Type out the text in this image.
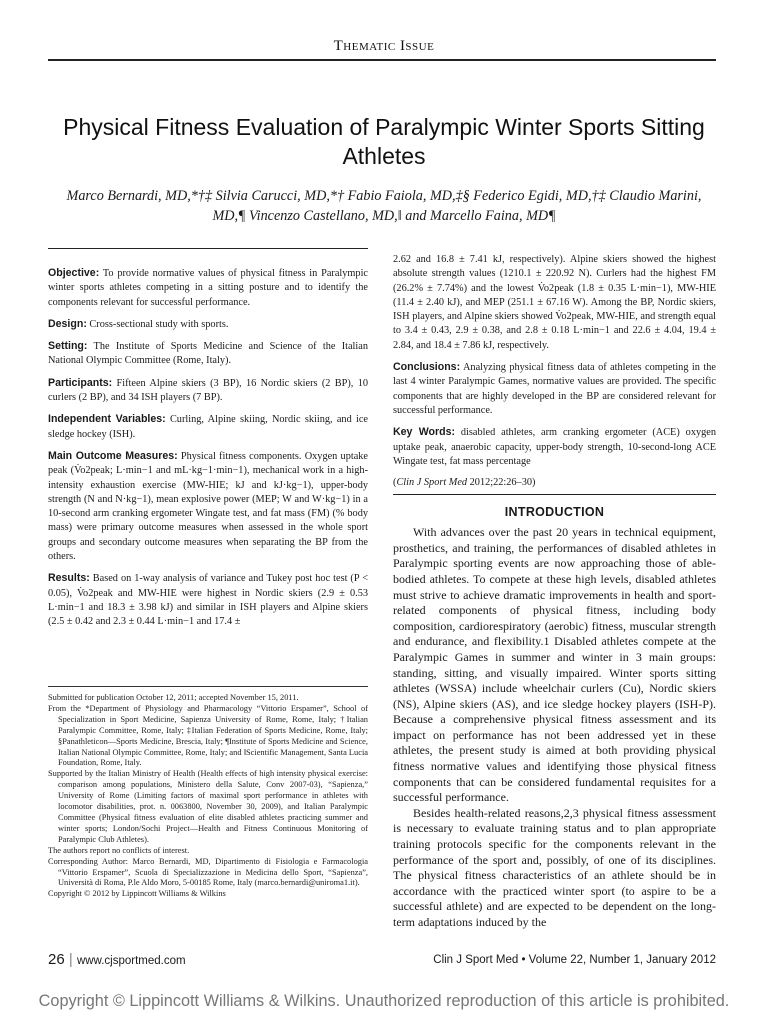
Thematic Issue
Physical Fitness Evaluation of Paralympic Winter Sports Sitting Athletes
Marco Bernardi, MD,*†‡ Silvia Carucci, MD,*† Fabio Faiola, MD,‡§ Federico Egidi, MD,†‡ Claudio Marini, MD,¶ Vincenzo Castellano, MD,‖ and Marcello Faina, MD¶

Objective: To provide normative values of physical fitness in Paralympic winter sports athletes competing in a sitting posture and to identify the components relevant for successful performance.

Design: Cross-sectional study with sports.

Setting: The Institute of Sports Medicine and Science of the Italian National Olympic Committee (Rome, Italy).

Participants: Fifteen Alpine skiers (3 BP), 16 Nordic skiers (2 BP), 10 curlers (2 BP), and 34 ISH players (7 BP).

Independent Variables: Curling, Alpine skiing, Nordic skiing, and ice sledge hockey (ISH).

Main Outcome Measures: Physical fitness components. Oxygen uptake peak (V̇o2peak; L·min−1 and mL·kg−1·min−1), mechanical work in a high-intensity exhaustion exercise (MW-HIE; kJ and kJ·kg−1), upper-body strength (N and N·kg−1), mean explosive power (MEP; W and W·kg−1) in a 10-second arm cranking ergometer Wingate test, and fat mass (FM) (% body mass) were primary outcome measures when assessed in the whole sport groups and secondary outcome measures when separating the BP from the others.

Results: Based on 1-way analysis of variance and Tukey post hoc test (P < 0.05), V̇o2peak and MW-HIE were highest in Nordic skiers (2.9 ± 0.53 L·min−1 and 18.3 ± 3.98 kJ) and similar in ISH players and Alpine skiers (2.5 ± 0.42 and 2.3 ± 0.44 L·min−1 and 17.4 ±

Submitted for publication October 12, 2011; accepted November 15, 2011.

From the *Department of Physiology and Pharmacology “Vittorio Erspamer”, School of Specialization in Sport Medicine, Sapienza University of Rome, Rome, Italy; †Italian Paralympic Committee, Rome, Italy; ‡Italian Federation of Sports Medicine, Rome, Italy; §Panathleticon—Sports Medicine, Brescia, Italy; ¶Institute of Sports Medicine and Science, Italian National Olympic Committee, Rome, Italy; and ‖Scientific Management, Santa Lucia Foundation, Rome, Italy.

Supported by the Italian Ministry of Health (Health effects of high intensity physical exercise: comparison among populations, Ministero della Salute, Conv 2007-03), “Sapienza,” University of Rome (Limiting factors of maximal sport performance in athletes with locomotor disabilities, prot. n. 0063800, November 30, 2009), and Italian Paralympic Committee (Physical fitness evaluation of elite disabled athletes practicing summer and winter sports; London/Sochi Project—Health and Fitness Continuous Monitoring of Paralympic Club Athletes).

The authors report no conflicts of interest.

Corresponding Author: Marco Bernardi, MD, Dipartimento di Fisiologia e Farmacologia “Vittorio Erspamer”, Scuola di Specializzazione in Medicina dello Sport, “Sapienza”, Università di Roma, P.le Aldo Moro, 5-00185 Rome, Italy (marco.bernardi@uniroma1.it).

Copyright © 2012 by Lippincott Williams & Wilkins

2.62 and 16.8 ± 7.41 kJ, respectively). Alpine skiers showed the highest absolute strength values (1210.1 ± 220.92 N). Curlers had the highest FM (26.2% ± 7.74%) and the lowest V̇o2peak (1.8 ± 0.35 L·min−1), MW-HIE (11.4 ± 2.40 kJ), and MEP (251.1 ± 67.16 W). Among the BP, Nordic skiers, ISH players, and Alpine skiers showed V̇o2peak, MW-HIE, and strength equal to 3.4 ± 0.43, 2.9 ± 0.38, and 2.8 ± 0.18 L·min−1 and 22.6 ± 4.04, 19.4 ± 2.84, and 18.4 ± 7.86 kJ, respectively.

Conclusions: Analyzing physical fitness data of athletes competing in the last 4 winter Paralympic Games, normative values are provided. The specific components that are highly developed in the BP are considered relevant for successful performance.

Key Words: disabled athletes, arm cranking ergometer (ACE) oxygen uptake peak, anaerobic capacity, upper-body strength, 10-second-long ACE Wingate test, fat mass percentage

(Clin J Sport Med 2012;22:26–30)

INTRODUCTION

With advances over the past 20 years in technical equipment, prosthetics, and training, the performances of disabled athletes in Paralympic sporting events are now approaching those of able-bodied athletes. To compete at these high levels, disabled athletes must strive to achieve dramatic improvements in health and sport-related components of physical fitness, including body composition, cardiorespiratory (aerobic) fitness, muscular strength and endurance, and flexibility.1 Disabled athletes compete at the Paralympic Games in summer and winter in 3 main groups: standing, sitting, and visually impaired. Winter sports sitting athletes (WSSA) include wheelchair curlers (Cu), Nordic skiers (NS), Alpine skiers (AS), and ice sledge hockey players (ISH-P). Because a comprehensive physical fitness assessment and its impact on performance has not been addressed yet in these athletes, the present study is aimed at both providing physical fitness normative values and identifying those physical fitness components that can be considered fundamental requisites for a successful performance.

Besides health-related reasons,2,3 physical fitness assessment is necessary to evaluate training status and to plan appropriate training protocols specific for the components relevant in the performance of the sport and, possibly, of one of its disciplines. The physical fitness characteristics of an athlete should be in accordance with the practiced winter sport (to aspire to be a successful athlete) and are expected to be dependent on the long-term adaptations induced by the

26 | www.cjsportmed.com	Clin J Sport Med • Volume 22, Number 1, January 2012
Copyright © Lippincott Williams & Wilkins. Unauthorized reproduction of this article is prohibited.
